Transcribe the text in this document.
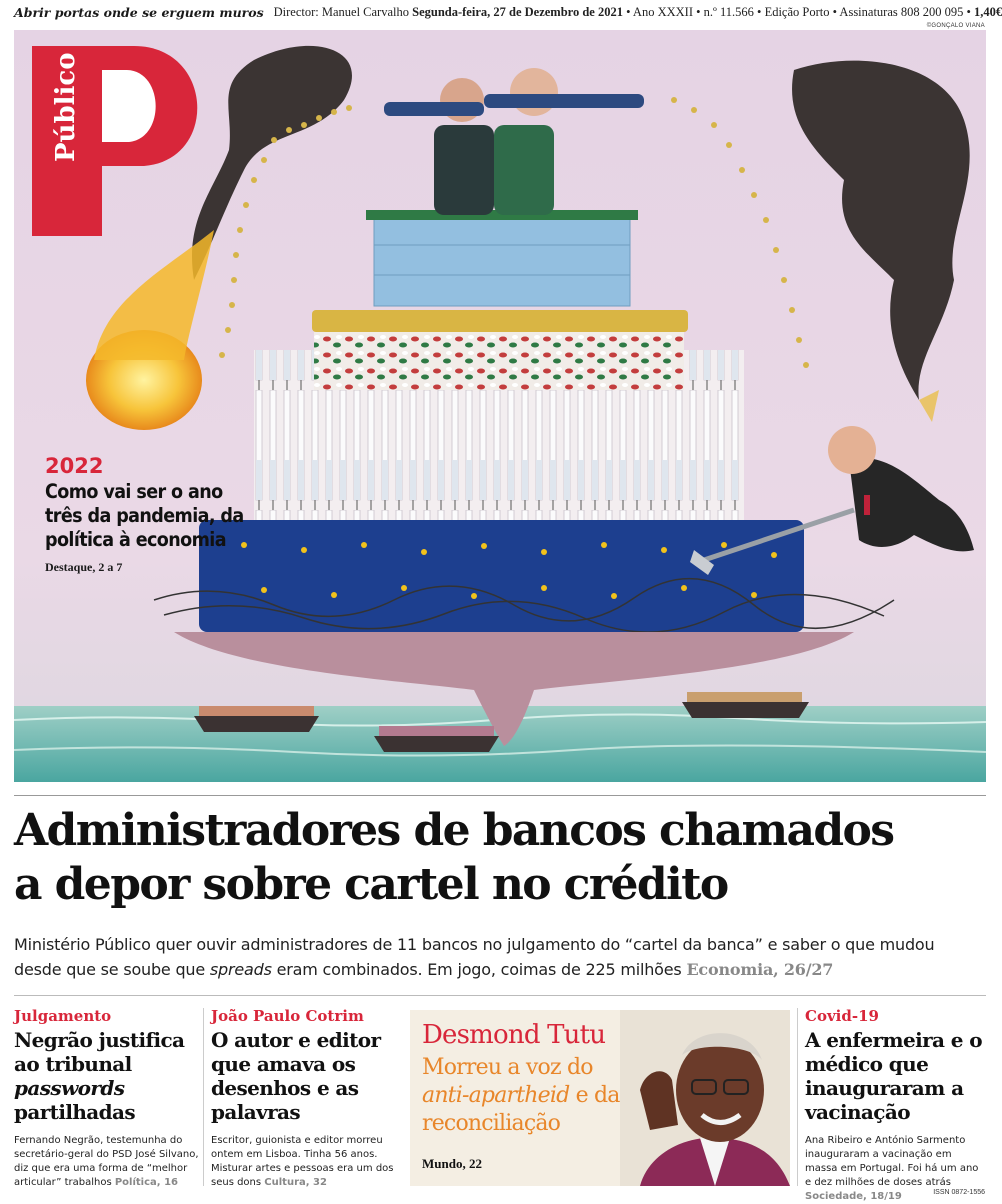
Abrir portas onde se erguem muros Director: Manuel Carvalho Segunda-feira, 27 de Dezembro de 2021 • Ano XXXII • n.º 11.566 • Edição Porto • Assinaturas 808 200 095 • 1,40€
©GONÇALO VIANA
2022
Como vai ser o ano três da pandemia, da política à economia
Destaque, 2 a 7
Público
Administradores de bancos chamados
a depor sobre cartel no crédito

Ministério Público quer ouvir administradores de 11 bancos no julgamento do “cartel da banca” e saber o que mudou desde que se soube que spreads eram combinados. Em jogo, coimas de 225 milhões Economia, 26/27

Julgamento
Negrão justifica ao tribunal
passwords
partilhadas
Fernando Negrão, testemunha do secretário-geral do PSD José Silvano, diz que era uma forma de “melhor articular” trabalhos Política, 16
João Paulo Cotrim
O autor e editor que amava os desenhos e as palavras
Escritor, guionista e editor morreu ontem em Lisboa. Tinha 56 anos. Misturar artes e pessoas era um dos seus dons Cultura, 32
Desmond Tutu
Morreu a voz do
anti-apartheid e da reconciliação
Mundo, 22
Covid-19
A enfermeira e o médico que inauguraram a vacinação
Ana Ribeiro e António Sarmento inauguraram a vacinação em massa em Portugal. Foi há um ano e dez milhões de doses atrás Sociedade, 18/19	ISSN 0872-1556
